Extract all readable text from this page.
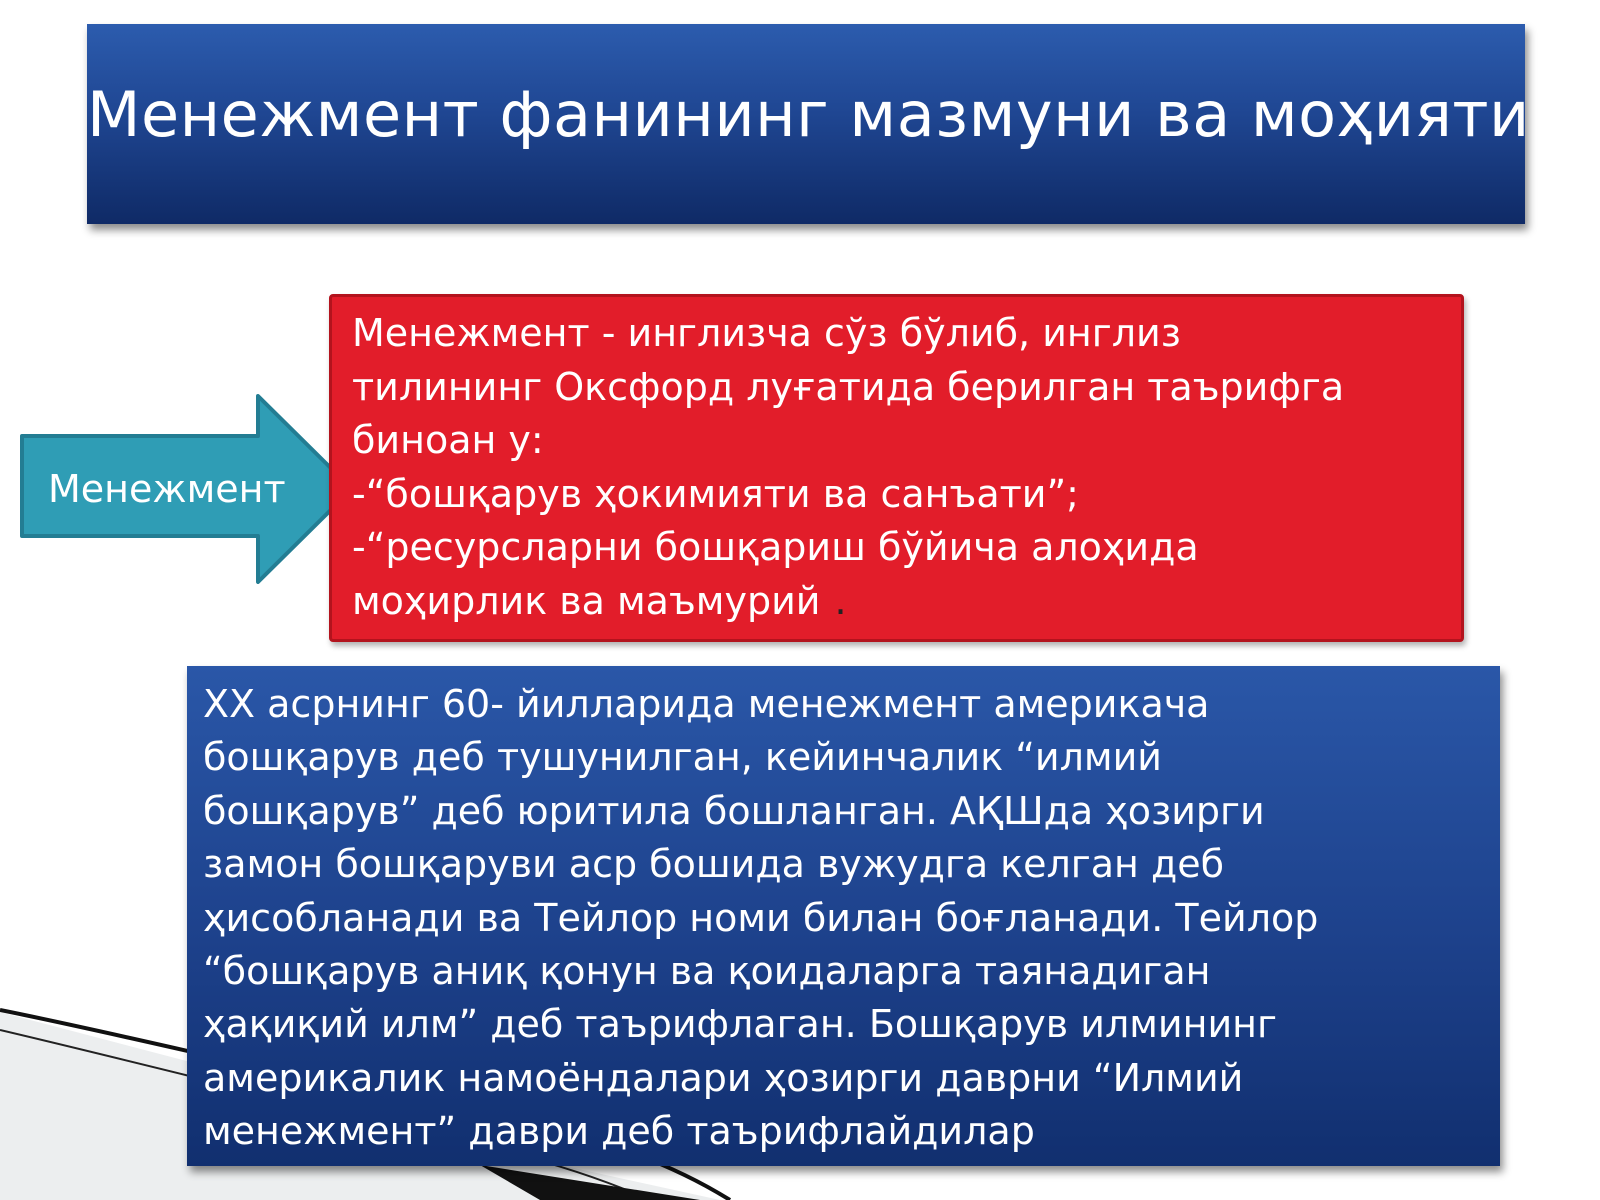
Менежмент фанининг мазмуни ва моҳияти
Менежмент
Менежмент - инглизча сўз бўлиб, инглиз
тилининг Оксфорд луғатида берилган таърифга
биноан у:
-“бошқарув ҳокимияти ва санъати”;
-“ресурсларни бошқариш бўйича алоҳида
моҳирлик ва маъмурий .
ХХ асрнинг 60- йилларида менежмент америкача
бошқарув деб тушунилган, кейинчалик “илмий
бошқарув” деб юритила бошланган. АҚШда ҳозирги
замон бошқаруви аср бошида вужудга келган деб
ҳисобланади ва Тейлор номи билан боғланади. Тейлор
“бошқарув аниқ қонун ва қоидаларга таянадиган
ҳақиқий илм” деб таърифлаган. Бошқарув илмининг
америкалик намоёндалари ҳозирги даврни “Илмий
менежмент” даври деб таърифлайдилар
